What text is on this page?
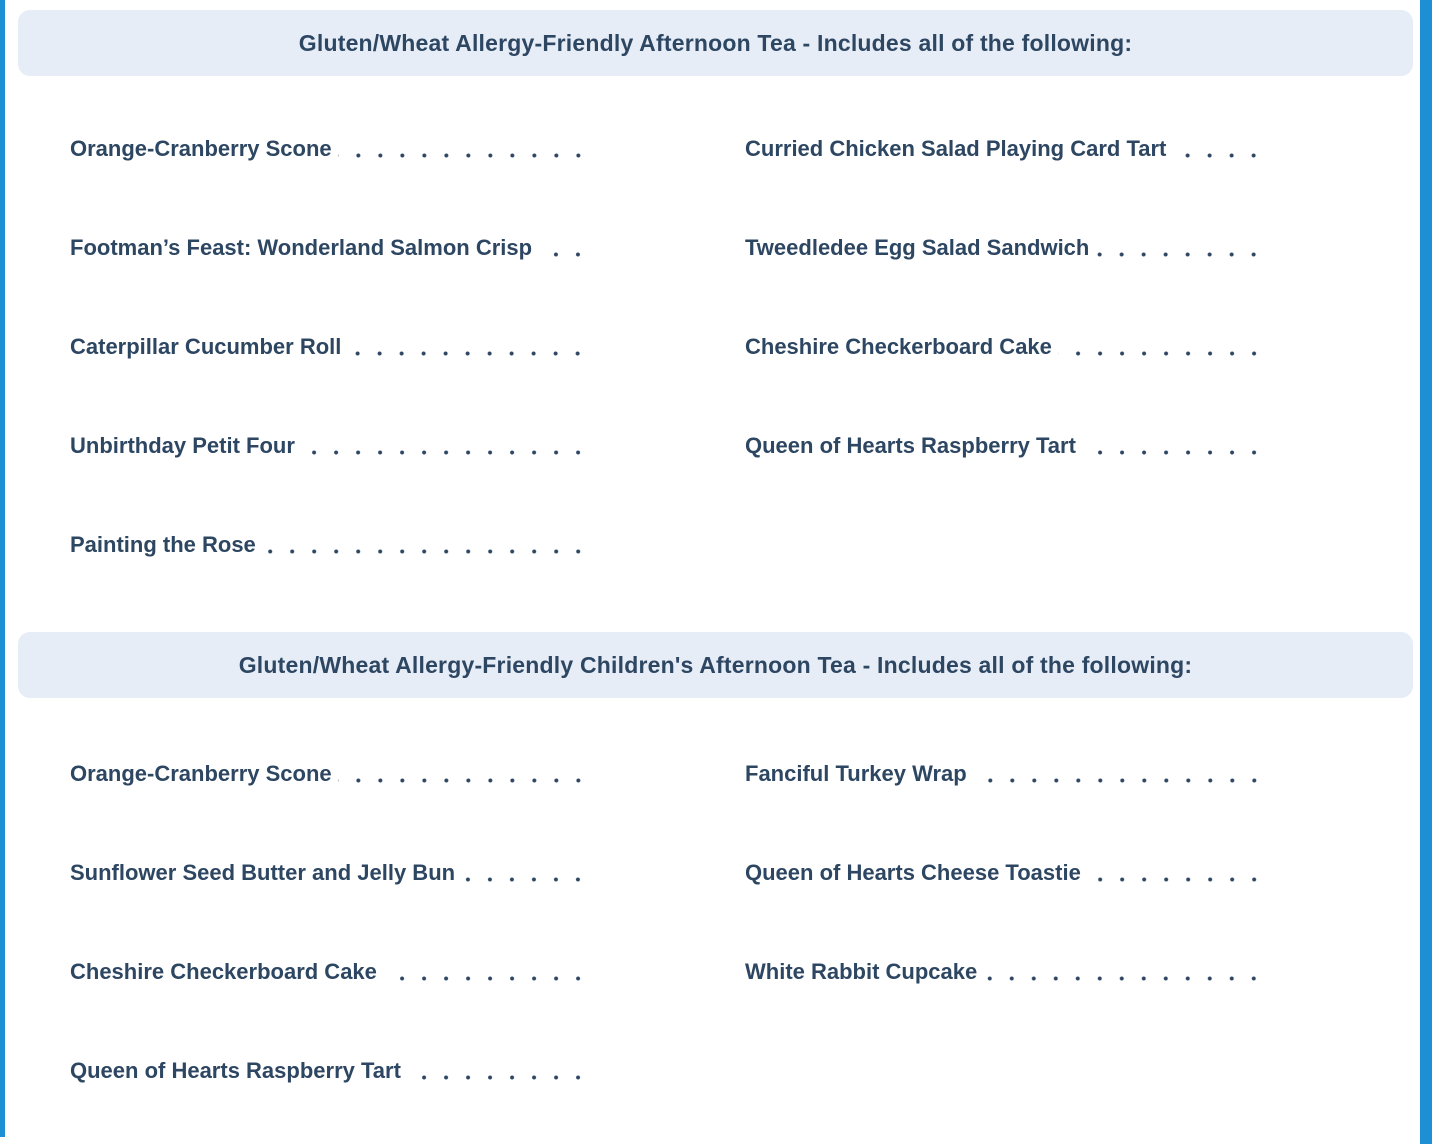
Gluten/Wheat Allergy-Friendly Afternoon Tea - Includes all of the following:
Orange-Cranberry Scone
Footman’s Feast: Wonderland Salmon Crisp
Caterpillar Cucumber Roll
Unbirthday Petit Four
Painting the Rose
Curried Chicken Salad Playing Card Tart
Tweedledee Egg Salad Sandwich
Cheshire Checkerboard Cake
Queen of Hearts Raspberry Tart
Gluten/Wheat Allergy-Friendly Children's Afternoon Tea - Includes all of the following:
Orange-Cranberry Scone
Sunflower Seed Butter and Jelly Bun
Cheshire Checkerboard Cake
Queen of Hearts Raspberry Tart
Fanciful Turkey Wrap
Queen of Hearts Cheese Toastie
White Rabbit Cupcake
